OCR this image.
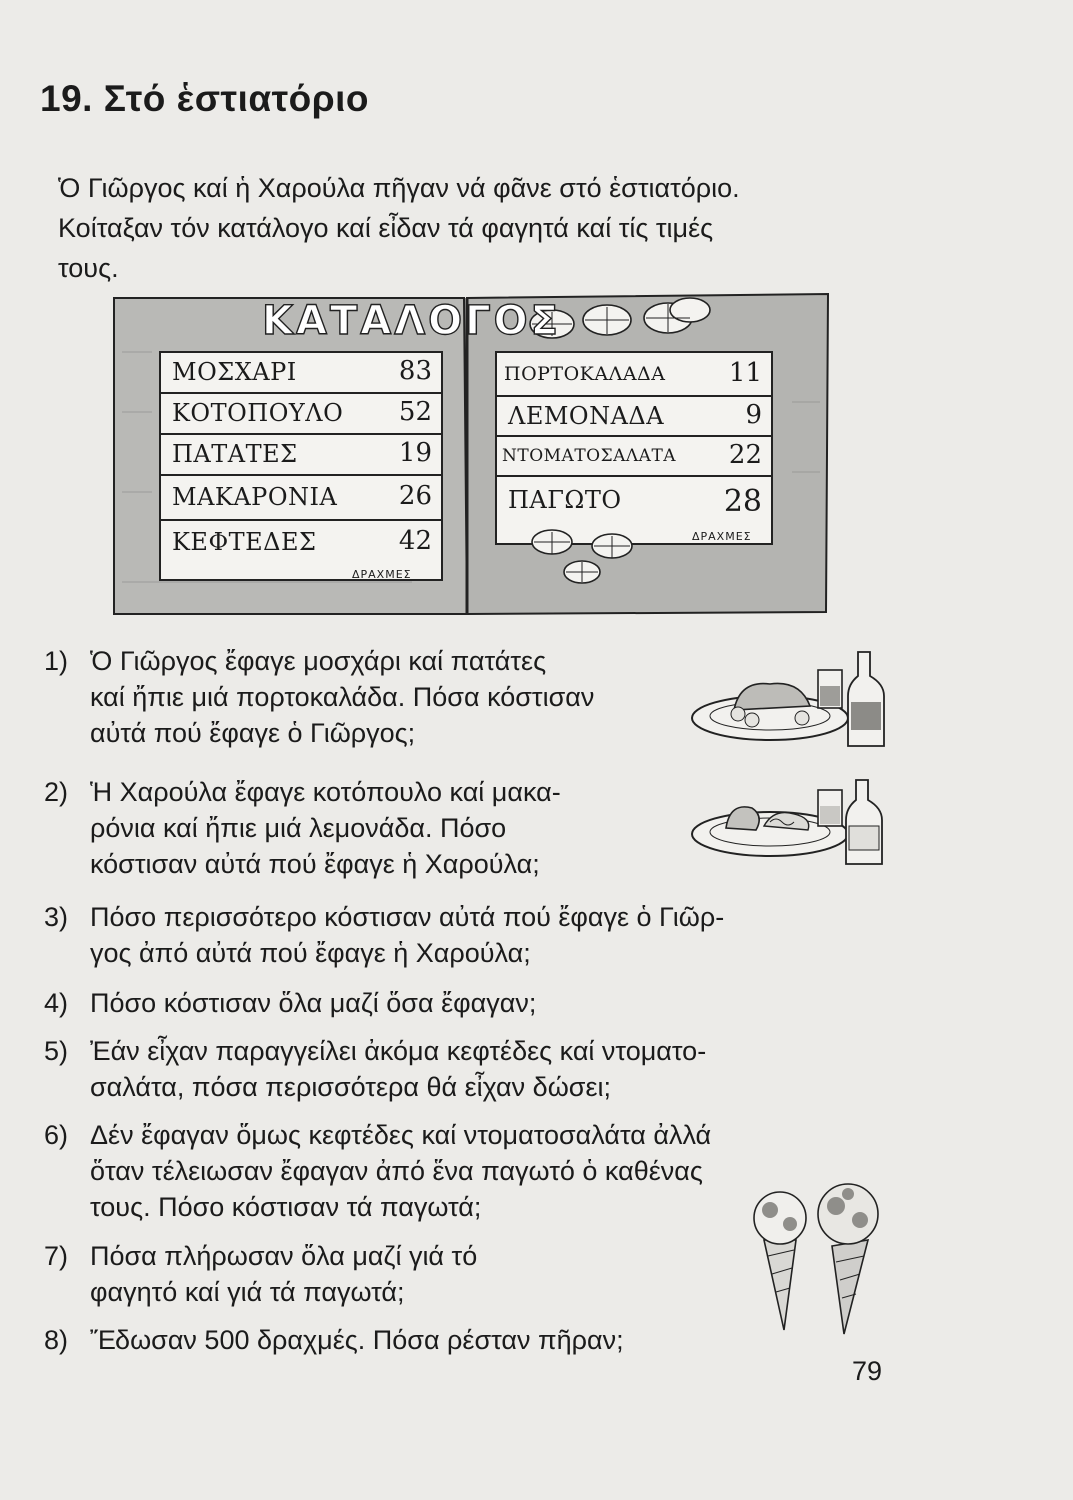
19. Στό ἑστιατόριο

Ὁ Γιῶργος καί ἡ Χαρούλα πῆγαν νά φᾶνε στό ἑστιατόριο.
Κοίταξαν τόν κατάλογο καί εἶδαν τά φαγητά καί τίς τιμές
τους.

ΚΑΤΑΛΟΓΟΣ
ΜΟΣΧΑΡΙ	83
ΚΟΤΟΠΟΥΛΟ 52
ΠΑΤΑΤΕΣ	19
ΜΑΚΑΡΟΝΙΑ 26
ΚΕΦΤΕΔΕΣ	42
ΔΡΑΧΜΕΣ
ΠΟΡΤΟΚΑΛΑΔΑ 11
ΛΕΜΟΝΑΔΑ	9
ΝΤΟΜΑΤΟΣΑΛΑΤΑ 22
ΠΑΓΩΤΟ	28
ΔΡΑΧΜΕΣ
1) Ὁ Γιῶργος ἔφαγε μοσχάρι καί πατάτες
καί ἤπιε μιά πορτοκαλάδα. Πόσα κόστισαν
αὐτά πού ἔφαγε ὁ Γιῶργος;
2) Ἡ Χαρούλα ἔφαγε κοτόπουλο καί μακα-
ρόνια καί ἤπιε μιά λεμονάδα. Πόσο
κόστισαν αὐτά πού ἔφαγε ἡ Χαρούλα;
3) Πόσο περισσότερο κόστισαν αὐτά πού ἔφαγε ὁ Γιῶρ-
γος ἀπό αὐτά πού ἔφαγε ἡ Χαρούλα;
4) Πόσο κόστισαν ὅλα μαζί ὅσα ἔφαγαν;
5) Ἐάν εἶχαν παραγγείλει ἀκόμα κεφτέδες καί ντοματο-
σαλάτα, πόσα περισσότερα θά εἶχαν δώσει;
6) Δέν ἔφαγαν ὅμως κεφτέδες καί ντοματοσαλάτα ἀλλά
ὅταν τέλειωσαν ἔφαγαν ἀπό ἕνα παγωτό ὁ καθένας
τους. Πόσο κόστισαν τά παγωτά;
7) Πόσα πλήρωσαν ὅλα μαζί γιά τό
φαγητό καί γιά τά παγωτά;
8) Ἔδωσαν 500 δραχμές. Πόσα ρέσταν πῆραν;
79
